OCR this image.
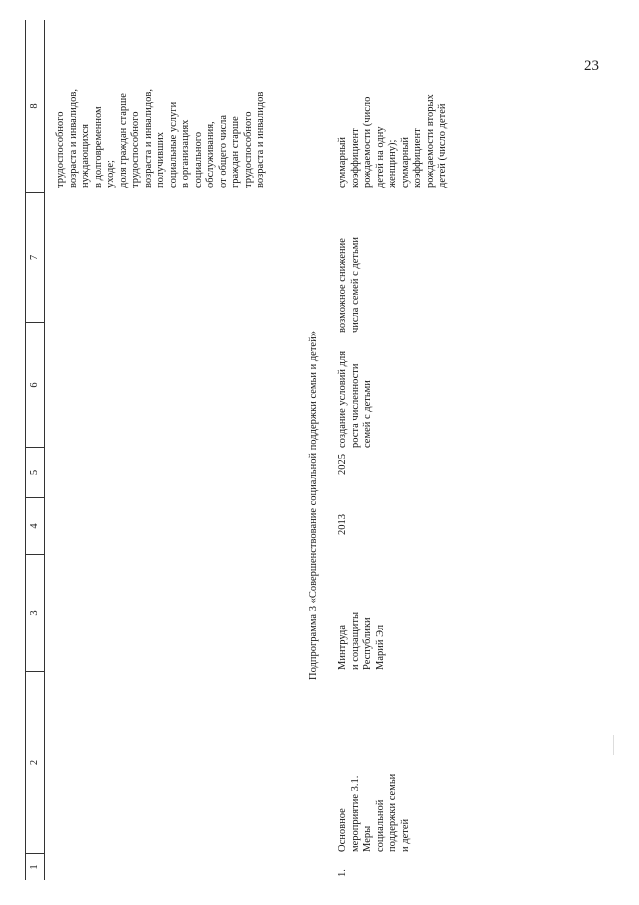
23
1
2
3
4
5
6
7
8
трудоспособного
возраста и инвалидов,
нуждающихся
в долговременном
уходе;
доля граждан старше
трудоспособного
возраста и инвалидов,
получивших
социальные услуги
в организациях
социального
обслуживания,
от общего числа
граждан старше
трудоспособного
возраста и инвалидов
Подпрограмма 3 «Совершенствование социальной поддержки семьи и детей»
1.
Основное
мероприятие 3.1.
Меры социальной
поддержки семьи
и детей
Минтруда
и соцзащиты
Республики
Марий Эл
2013
2025
создание условий для
роста численности
семей с детьми
возможное снижение
числа семей с детьми
суммарный
коэффициент
рождаемости (число
детей на одну
женщину);
суммарный
коэффициент
рождаемости вторых
детей (число детей
